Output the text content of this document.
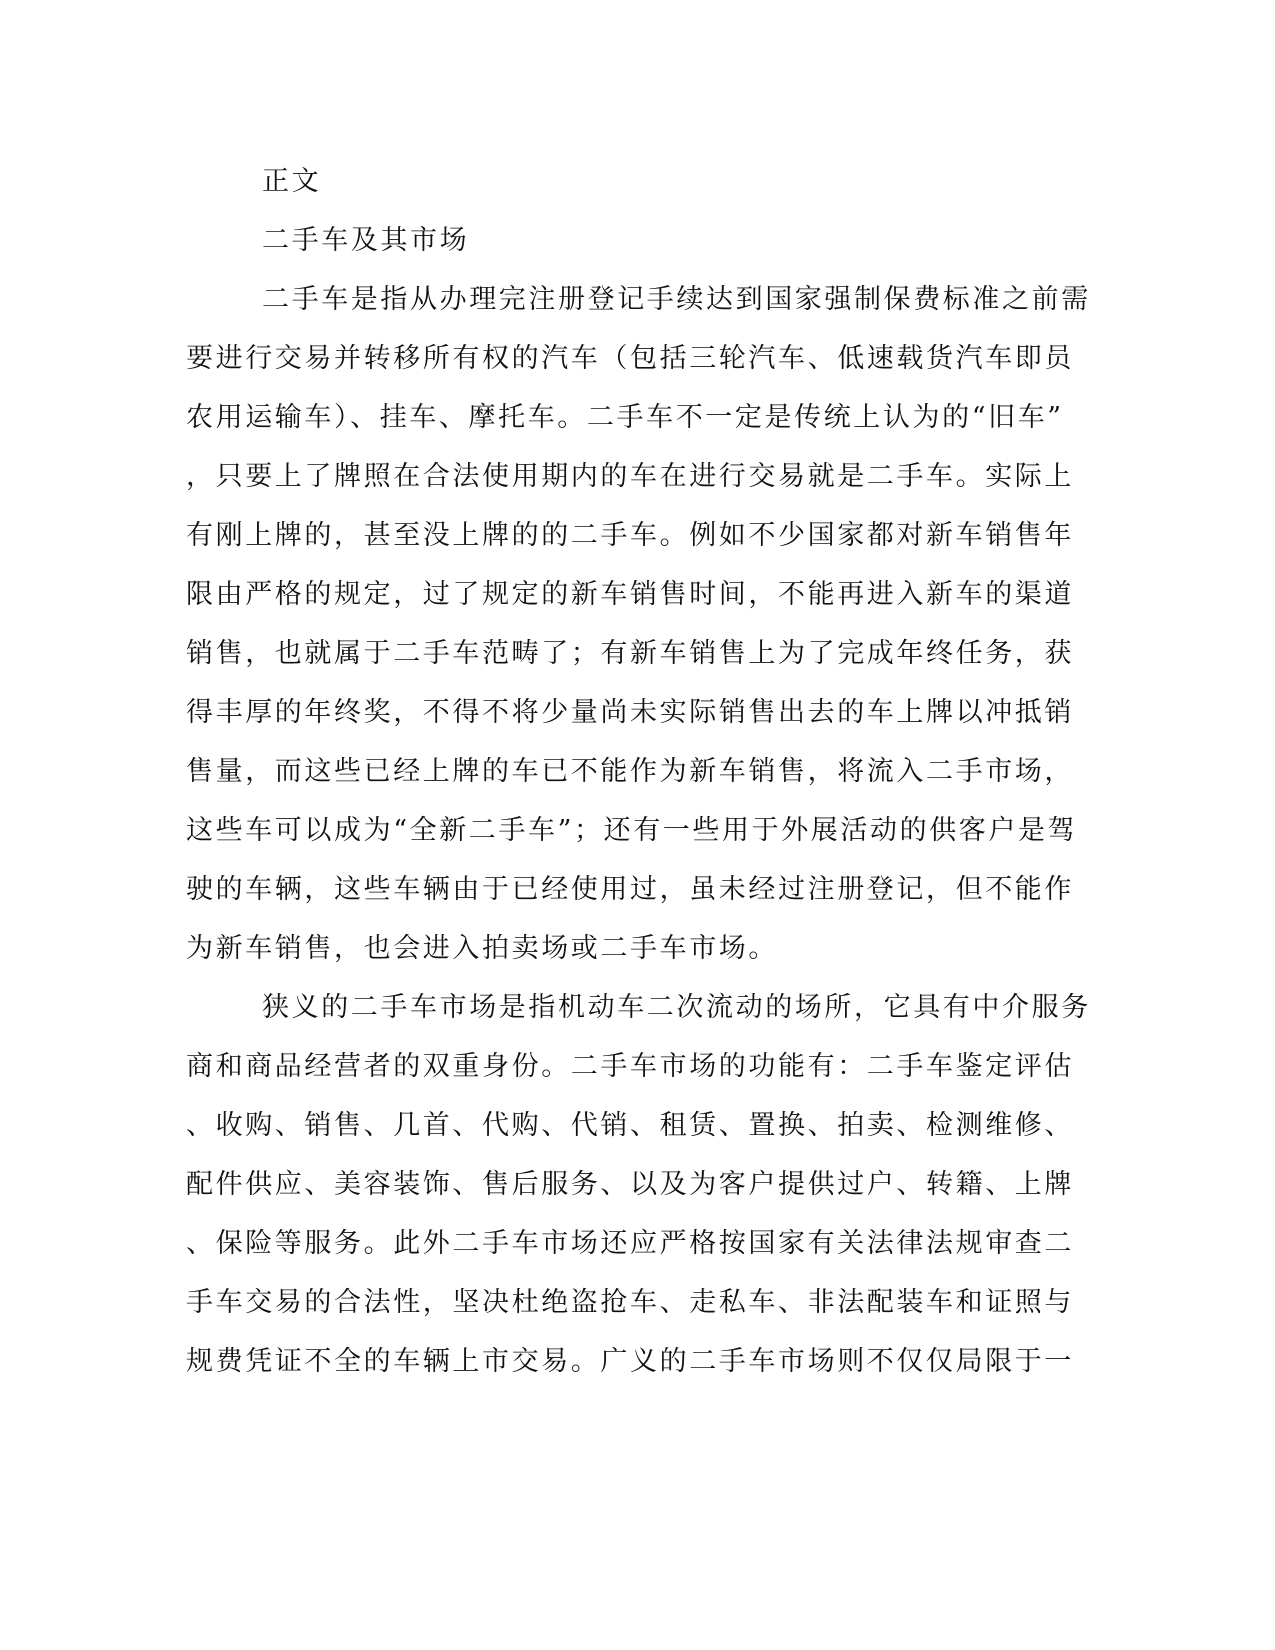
正文
二手车及其市场
二手车是指从办理完注册登记手续达到国家强制保费标准之前需
要进行交易并转移所有权的汽车（包括三轮汽车、低速载货汽车即员
农用运输车）、挂车、摩托车。二手车不一定是传统上认为的“旧车”
，只要上了牌照在合法使用期内的车在进行交易就是二手车。实际上
有刚上牌的，甚至没上牌的的二手车。例如不少国家都对新车销售年
限由严格的规定，过了规定的新车销售时间，不能再进入新车的渠道
销售，也就属于二手车范畴了；有新车销售上为了完成年终任务，获
得丰厚的年终奖，不得不将少量尚未实际销售出去的车上牌以冲抵销
售量，而这些已经上牌的车已不能作为新车销售，将流入二手市场，
这些车可以成为“全新二手车”；还有一些用于外展活动的供客户是驾
驶的车辆，这些车辆由于已经使用过，虽未经过注册登记，但不能作
为新车销售，也会进入拍卖场或二手车市场。
狭义的二手车市场是指机动车二次流动的场所，它具有中介服务
商和商品经营者的双重身份。二手车市场的功能有：二手车鉴定评估
、收购、销售、几首、代购、代销、租赁、置换、拍卖、检测维修、
配件供应、美容装饰、售后服务、以及为客户提供过户、转籍、上牌
、保险等服务。此外二手车市场还应严格按国家有关法律法规审查二
手车交易的合法性，坚决杜绝盗抢车、走私车、非法配装车和证照与
规费凭证不全的车辆上市交易。广义的二手车市场则不仅仅局限于一
